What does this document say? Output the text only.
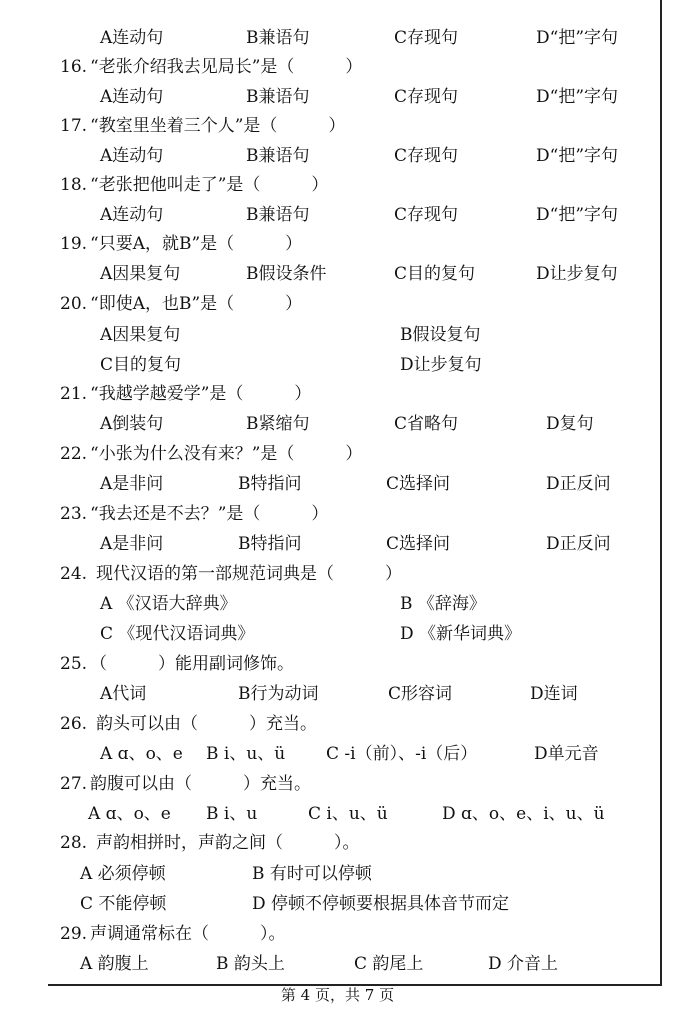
A连动句	B兼语句	C存现句	D“把”字句
16. “老张介绍我去见局长”是（　　　）
A连动句	B兼语句	C存现句	D“把”字句
17. “教室里坐着三个人”是（　　　）
A连动句	B兼语句	C存现句	D“把”字句
18. “老张把他叫走了”是（　　　）
A连动句	B兼语句	C存现句	D“把”字句
19. “只要A，就B”是（　　　）
A因果复句	B假设条件	C目的复句	D让步复句
20. “即使A，也B”是（　　　）
A因果复句	B假设复句
C目的复句	D让步复句
21. “我越学越爱学”是（　　　）
A倒装句	B紧缩句	C省略句	D复句
22. “小张为什么没有来？”是（　　　）
A是非问	B特指问	C选择问	D正反问
23. “我去还是不去？”是（　　　）
A是非问	B特指问	C选择问	D正反问
24. 现代汉语的第一部规范词典是（　　　）
A 《汉语大辞典》	B 《辞海》
C 《现代汉语词典》	D 《新华词典》
25. （　　　）能用副词修饰。
A代词	B行为动词	C形容词	D连词
26. 韵头可以由（　　　）充当。
A ɑ、o、e B i、u、ü C -i（前）、-i（后）	D单元音
27. 韵腹可以由（　　　）充当。
A ɑ、o、e B i、u	C i、u、ü	D ɑ、o、e、i、u、ü
28. 声韵相拼时，声韵之间（　　　）。
A 必须停顿	B 有时可以停顿
C 不能停顿	D 停顿不停顿要根据具体音节而定
29. 声调通常标在（　　　）。
A 韵腹上	B 韵头上	C 韵尾上	D 介音上
第 4 页，共 7 页
